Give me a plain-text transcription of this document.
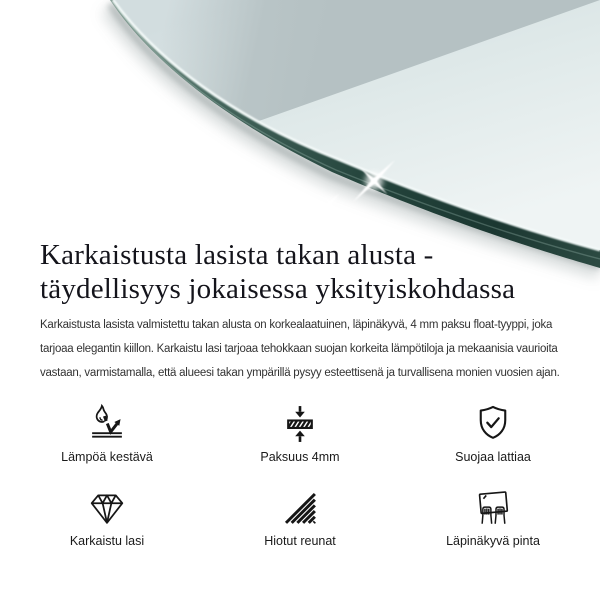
Karkaistusta lasista takan alusta -
täydellisyys jokaisessa yksityiskohdassa
Karkaistusta lasista valmistettu takan alusta on korkealaatuinen, läpinäkyvä, 4 mm paksu float-tyyppi, joka
tarjoaa elegantin kiillon. Karkaistu lasi tarjoaa tehokkaan suojan korkeita lämpötiloja ja mekaanisia vaurioita
vastaan, varmistamalla, että alueesi takan ympärillä pysyy esteettisenä ja turvallisena monien vuosien ajan.
Lämpöä kestävä	Paksuus 4mm	Suojaa lattiaa
Karkaistu lasi	Hiotut reunat	Läpinäkyvä pinta
